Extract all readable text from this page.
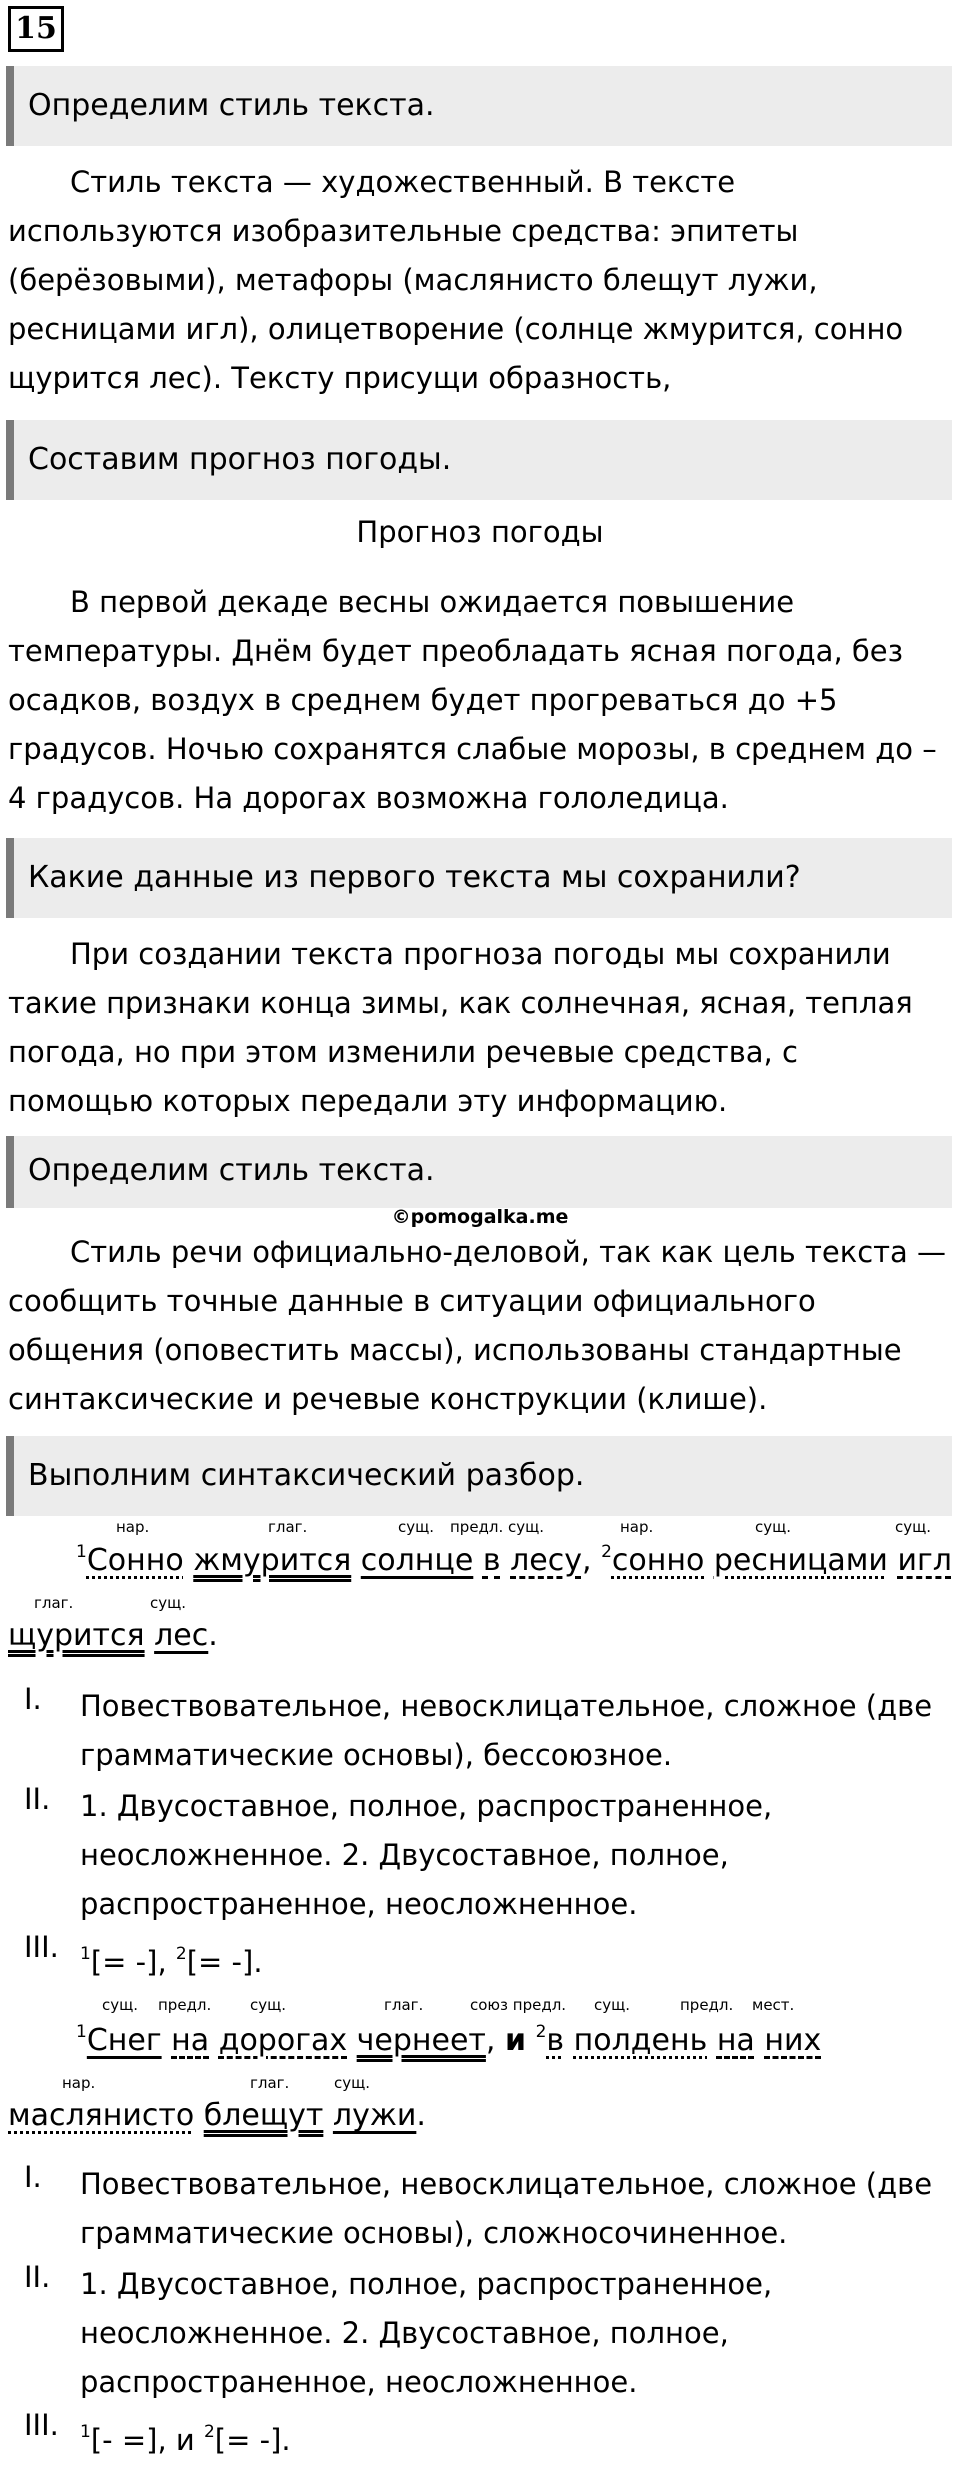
15
Определим стиль текста.
Стиль текста — художественный. В тексте используются изобразительные средства: эпитеты (берёзовыми), метафоры (маслянисто блещут лужи, ресницами игл), олицетворение (солнце жмурится, сонно щурится лес). Тексту присущи образность,
Составим прогноз погоды.
Прогноз погоды
В первой декаде весны ожидается повышение температуры. Днём будет преобладать ясная погода, без осадков, воздух в среднем будет прогреваться до +5 градусов. Ночью сохранятся слабые морозы, в среднем до – 4 градусов. На дорогах возможна гололедица.
Какие данные из первого текста мы сохранили?
При создании текста прогноза погоды мы сохранили такие признаки конца зимы, как солнечная, ясная, теплая погода, но при этом изменили речевые средства, с помощью которых передали эту информацию.
Определим стиль текста.
©pomogalka.me
Стиль речи официально-деловой, так как цель текста — сообщить точные данные в ситуации официального общения (оповестить массы), использованы стандартные синтаксические и речевые конструкции (клише).
Выполним синтаксический разбор.
нар.	глаг.	сущ. предл. сущ.	нар.	сущ.	сущ.
$^1$Сонно жмурится солнце в лесу, $^2$сонно ресницами игл
глаг.	сущ.
щурится лес.
I.	Повествовательное, невосклицательное, сложное (две грамматические основы), бессоюзное.
II.	1. Двусоставное, полное, распространенное, неосложненное. 2. Двусоставное, полное, распространенное, неосложненное.
III.	$^1$[= -], $^2$[= -].
сущ. предл.	сущ.	глаг.	союз предл. сущ.	предл. мест.
$^1$Снег на дорогах чернеет, и $^2$в полдень на них
нар.	глаг.	сущ.
маслянисто блещут лужи.
I.	Повествовательное, невосклицательное, сложное (две грамматические основы), сложносочиненное.
II.	1. Двусоставное, полное, распространенное, неосложненное. 2. Двусоставное, полное, распространенное, неосложненное.
III.	$^1$[- =], и $^2$[= -].
